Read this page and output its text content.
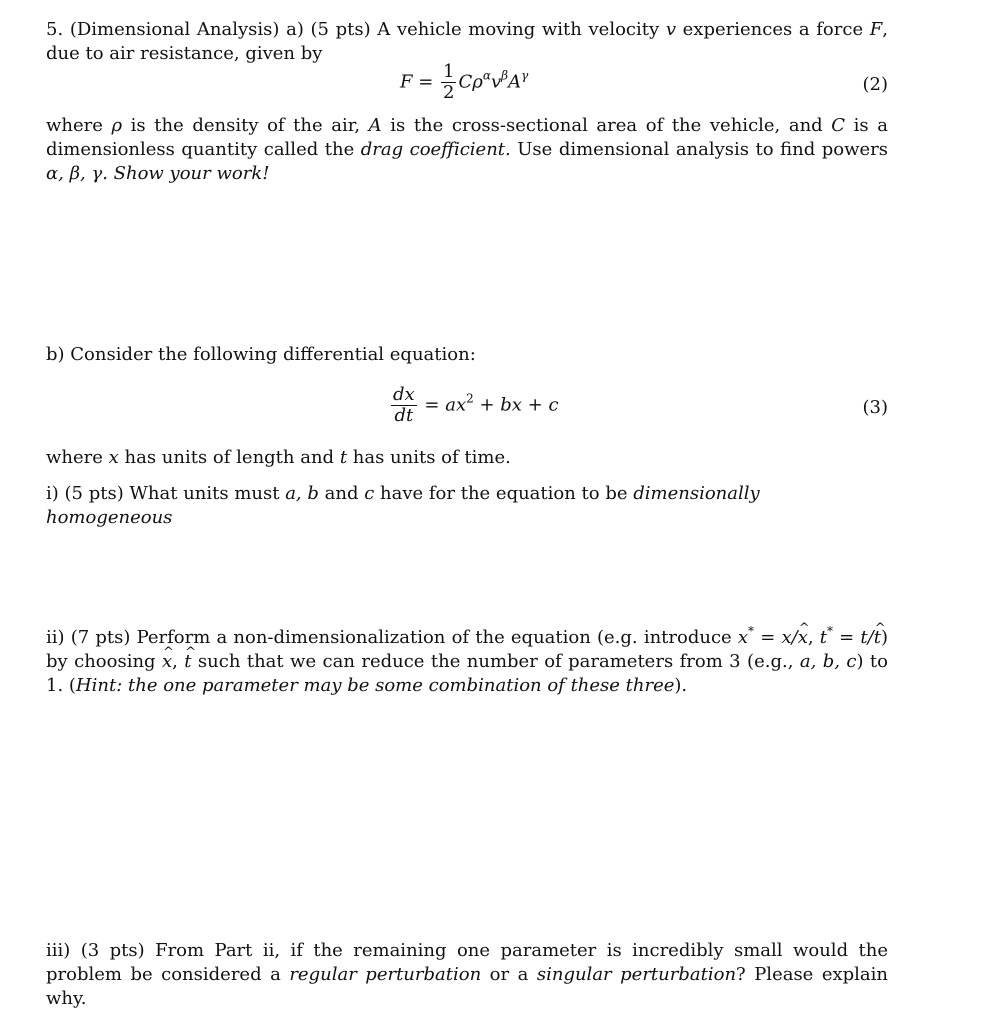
5. (Dimensional Analysis) a) (5 pts) A vehicle moving with velocity v experiences a force F, due to air resistance, given by
$F = \frac{1}{2} C\rho^\alpha v^\beta A^\gamma$	(2)
where ρ is the density of the air, A is the cross-sectional area of the vehicle, and C is a dimensionless quantity called the drag coefficient. Use dimensional analysis to find powers α, β, γ. Show your work!
b) Consider the following differential equation:
$\frac{dx}{dt} = ax^2$ + bx + c	(3)
where x has units of length and t has units of time.
i) (5 pts) What units must a, b and c have for the equation to be dimensionally homogeneous
ii) (7 pts) Perform a non-dimensionalization of the equation (e.g. introduce x* = x/x ^, t* = t/t ^) by choosing x ^, t ^ such that we can reduce the number of parameters from 3 (e.g., a, b, c) to 1. (Hint: the one parameter may be some combination of these three).
iii) (3 pts) From Part ii, if the remaining one parameter is incredibly small would the problem be considered a regular perturbation or a singular perturbation? Please explain why.
